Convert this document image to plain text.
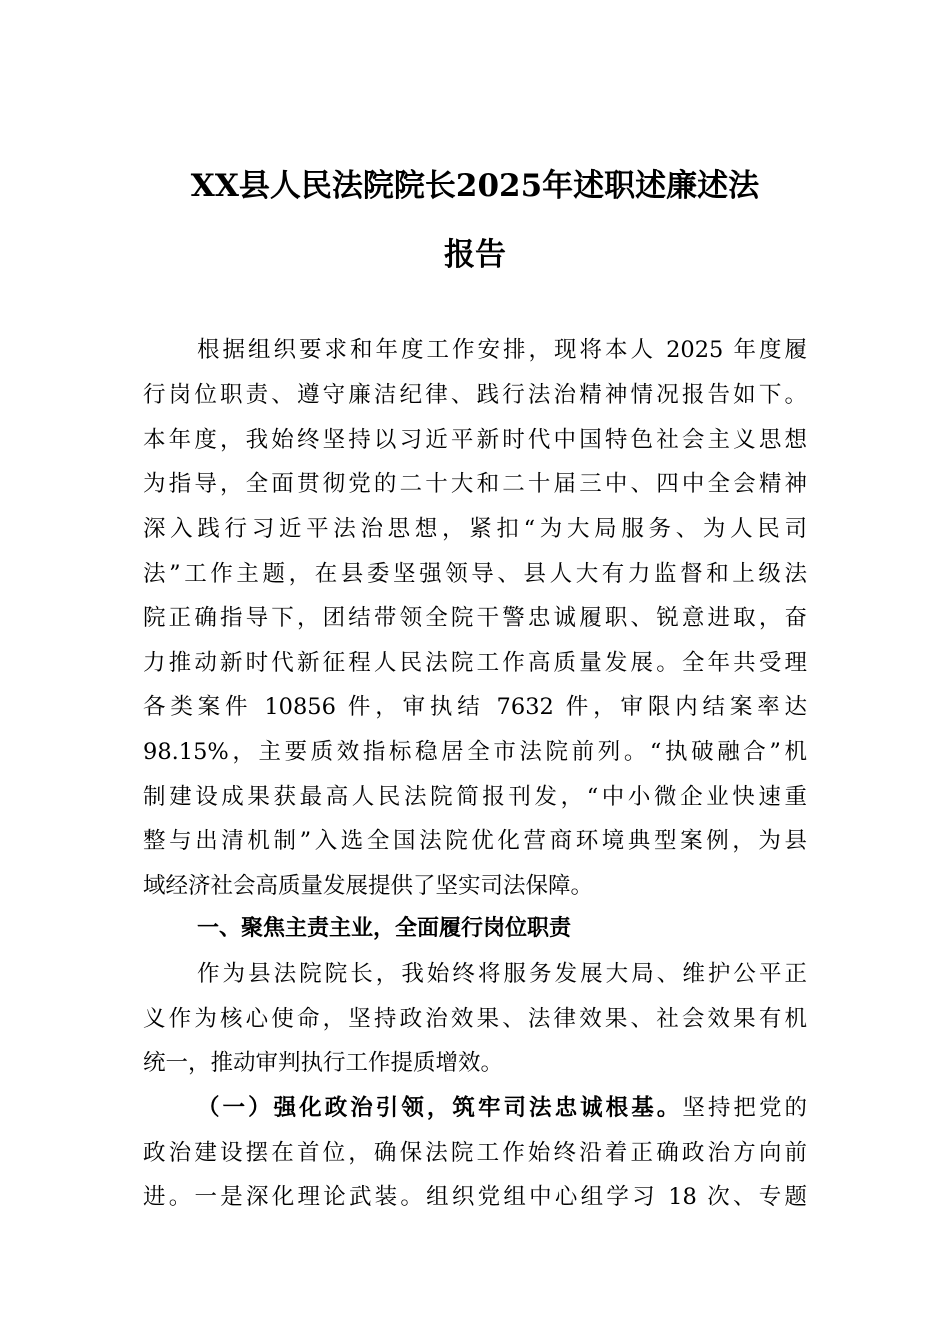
XX县人民法院院长2025年述职述廉述法
报告
根据组织要求和年度工作安排，现将本人 2025 年度履
行岗位职责、遵守廉洁纪律、践行法治精神情况报告如下。
本年度，我始终坚持以习近平新时代中国特色社会主义思想
为指导，全面贯彻党的二十大和二十届三中、四中全会精神
深入践行习近平法治思想，紧扣“为大局服务、为人民司
法”工作主题，在县委坚强领导、县人大有力监督和上级法
院正确指导下，团结带领全院干警忠诚履职、锐意进取，奋
力推动新时代新征程人民法院工作高质量发展。全年共受理
各类案件 10856 件，审执结 7632 件，审限内结案率达
98.15%，主要质效指标稳居全市法院前列。“执破融合”机
制建设成果获最高人民法院简报刊发，“中小微企业快速重
整与出清机制”入选全国法院优化营商环境典型案例，为县
域经济社会高质量发展提供了坚实司法保障。
一、聚焦主责主业，全面履行岗位职责
作为县法院院长，我始终将服务发展大局、维护公平正
义作为核心使命，坚持政治效果、法律效果、社会效果有机
统一，推动审判执行工作提质增效。
（一）强化政治引领，筑牢司法忠诚根基。坚持把党的
政治建设摆在首位，确保法院工作始终沿着正确政治方向前
进。一是深化理论武装。组织党组中心组学习 18 次、专题
